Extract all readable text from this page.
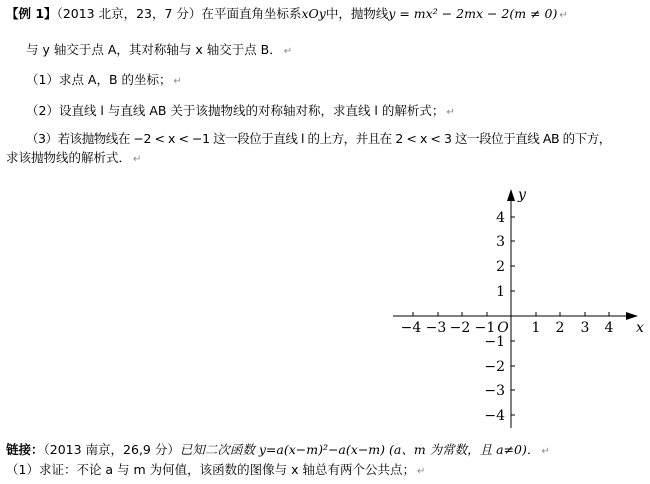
【例 1】（2013 北京，23，7 分）在平面直角坐标系xOy中，抛物线y = mx² − 2mx − 2(m ≠ 0) ↵
与 y 轴交于点 A，其对称轴与 x 轴交于点 B． ↵
（1）求点 A，B 的坐标； ↵
（2）设直线 l 与直线 AB 关于该抛物线的对称轴对称，求直线 l 的解析式； ↵
（3）若该抛物线在 −2 < x < −1 这一段位于直线 l 的上方，并且在 2 < x < 3 这一段位于直线 AB 的下方，
求该抛物线的解析式． ↵
−4 −3 −2 −1	1 2 3 4
O
4
3
2
1
−1
−2
−3
−4
x
y
链接：（2013 南京，26,9 分）已知二次函数 y=a(x−m)²−a(x−m) (a、m 为常数，且 a≠0)． ↵
（1）求证：不论 a 与 m 为何值，该函数的图像与 x 轴总有两个公共点； ↵
